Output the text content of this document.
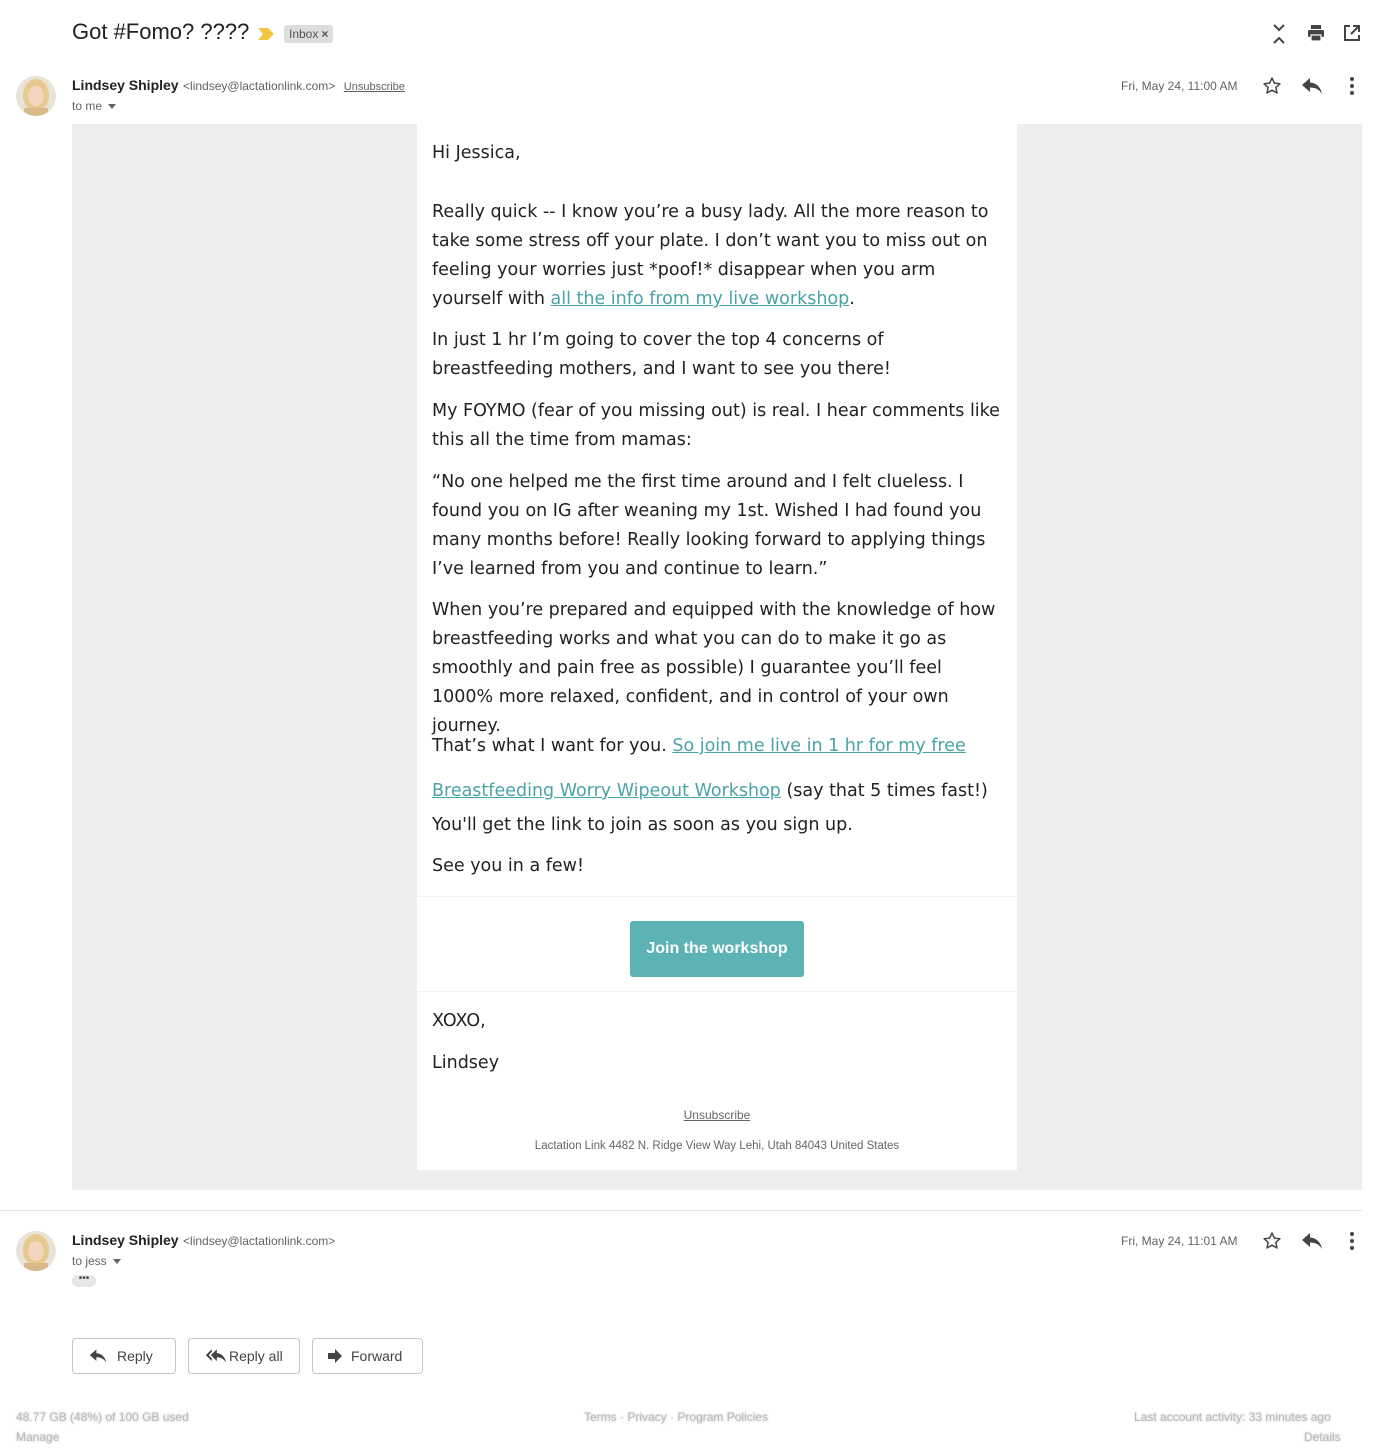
Got #Fomo? ????	Inbox ×
Lindsey Shipley <lindsey@lactationlink.com> Unsubscribe
to me
Fri, May 24, 11:00 AM
Hi Jessica,
Really quick -- I know you’re a busy lady. All the more reason to take some stress off your plate. I don’t want you to miss out on feeling your worries just *poof!* disappear when you arm yourself with all the info from my live workshop.
In just 1 hr I’m going to cover the top 4 concerns of breastfeeding mothers, and I want to see you there!
My FOYMO (fear of you missing out) is real. I hear comments like this all the time from mamas:
“No one helped me the first time around and I felt clueless. I found you on IG after weaning my 1st. Wished I had found you many months before! Really looking forward to applying things I’ve learned from you and continue to learn.”
When you’re prepared and equipped with the knowledge of how breastfeeding works and what you can do to make it go as smoothly and pain free as possible) I guarantee you’ll feel 1000% more relaxed, confident, and in control of your own journey.
That’s what I want for you. So join me live in 1 hr for my free
Breastfeeding Worry Wipeout Workshop (say that 5 times fast!)
You'll get the link to join as soon as you sign up.
See you in a few!
Join the workshop
XOXO,
Lindsey
Unsubscribe
Lactation Link 4482 N. Ridge View Way Lehi, Utah 84043 United States
Lindsey Shipley <lindsey@lactationlink.com>
to jess
•••
Fri, May 24, 11:01 AM
Reply	Reply all	Forward
48.77 GB (48%) of 100 GB used
Manage
Terms · Privacy · Program Policies	Last account activity: 33 minutes ago
Details
